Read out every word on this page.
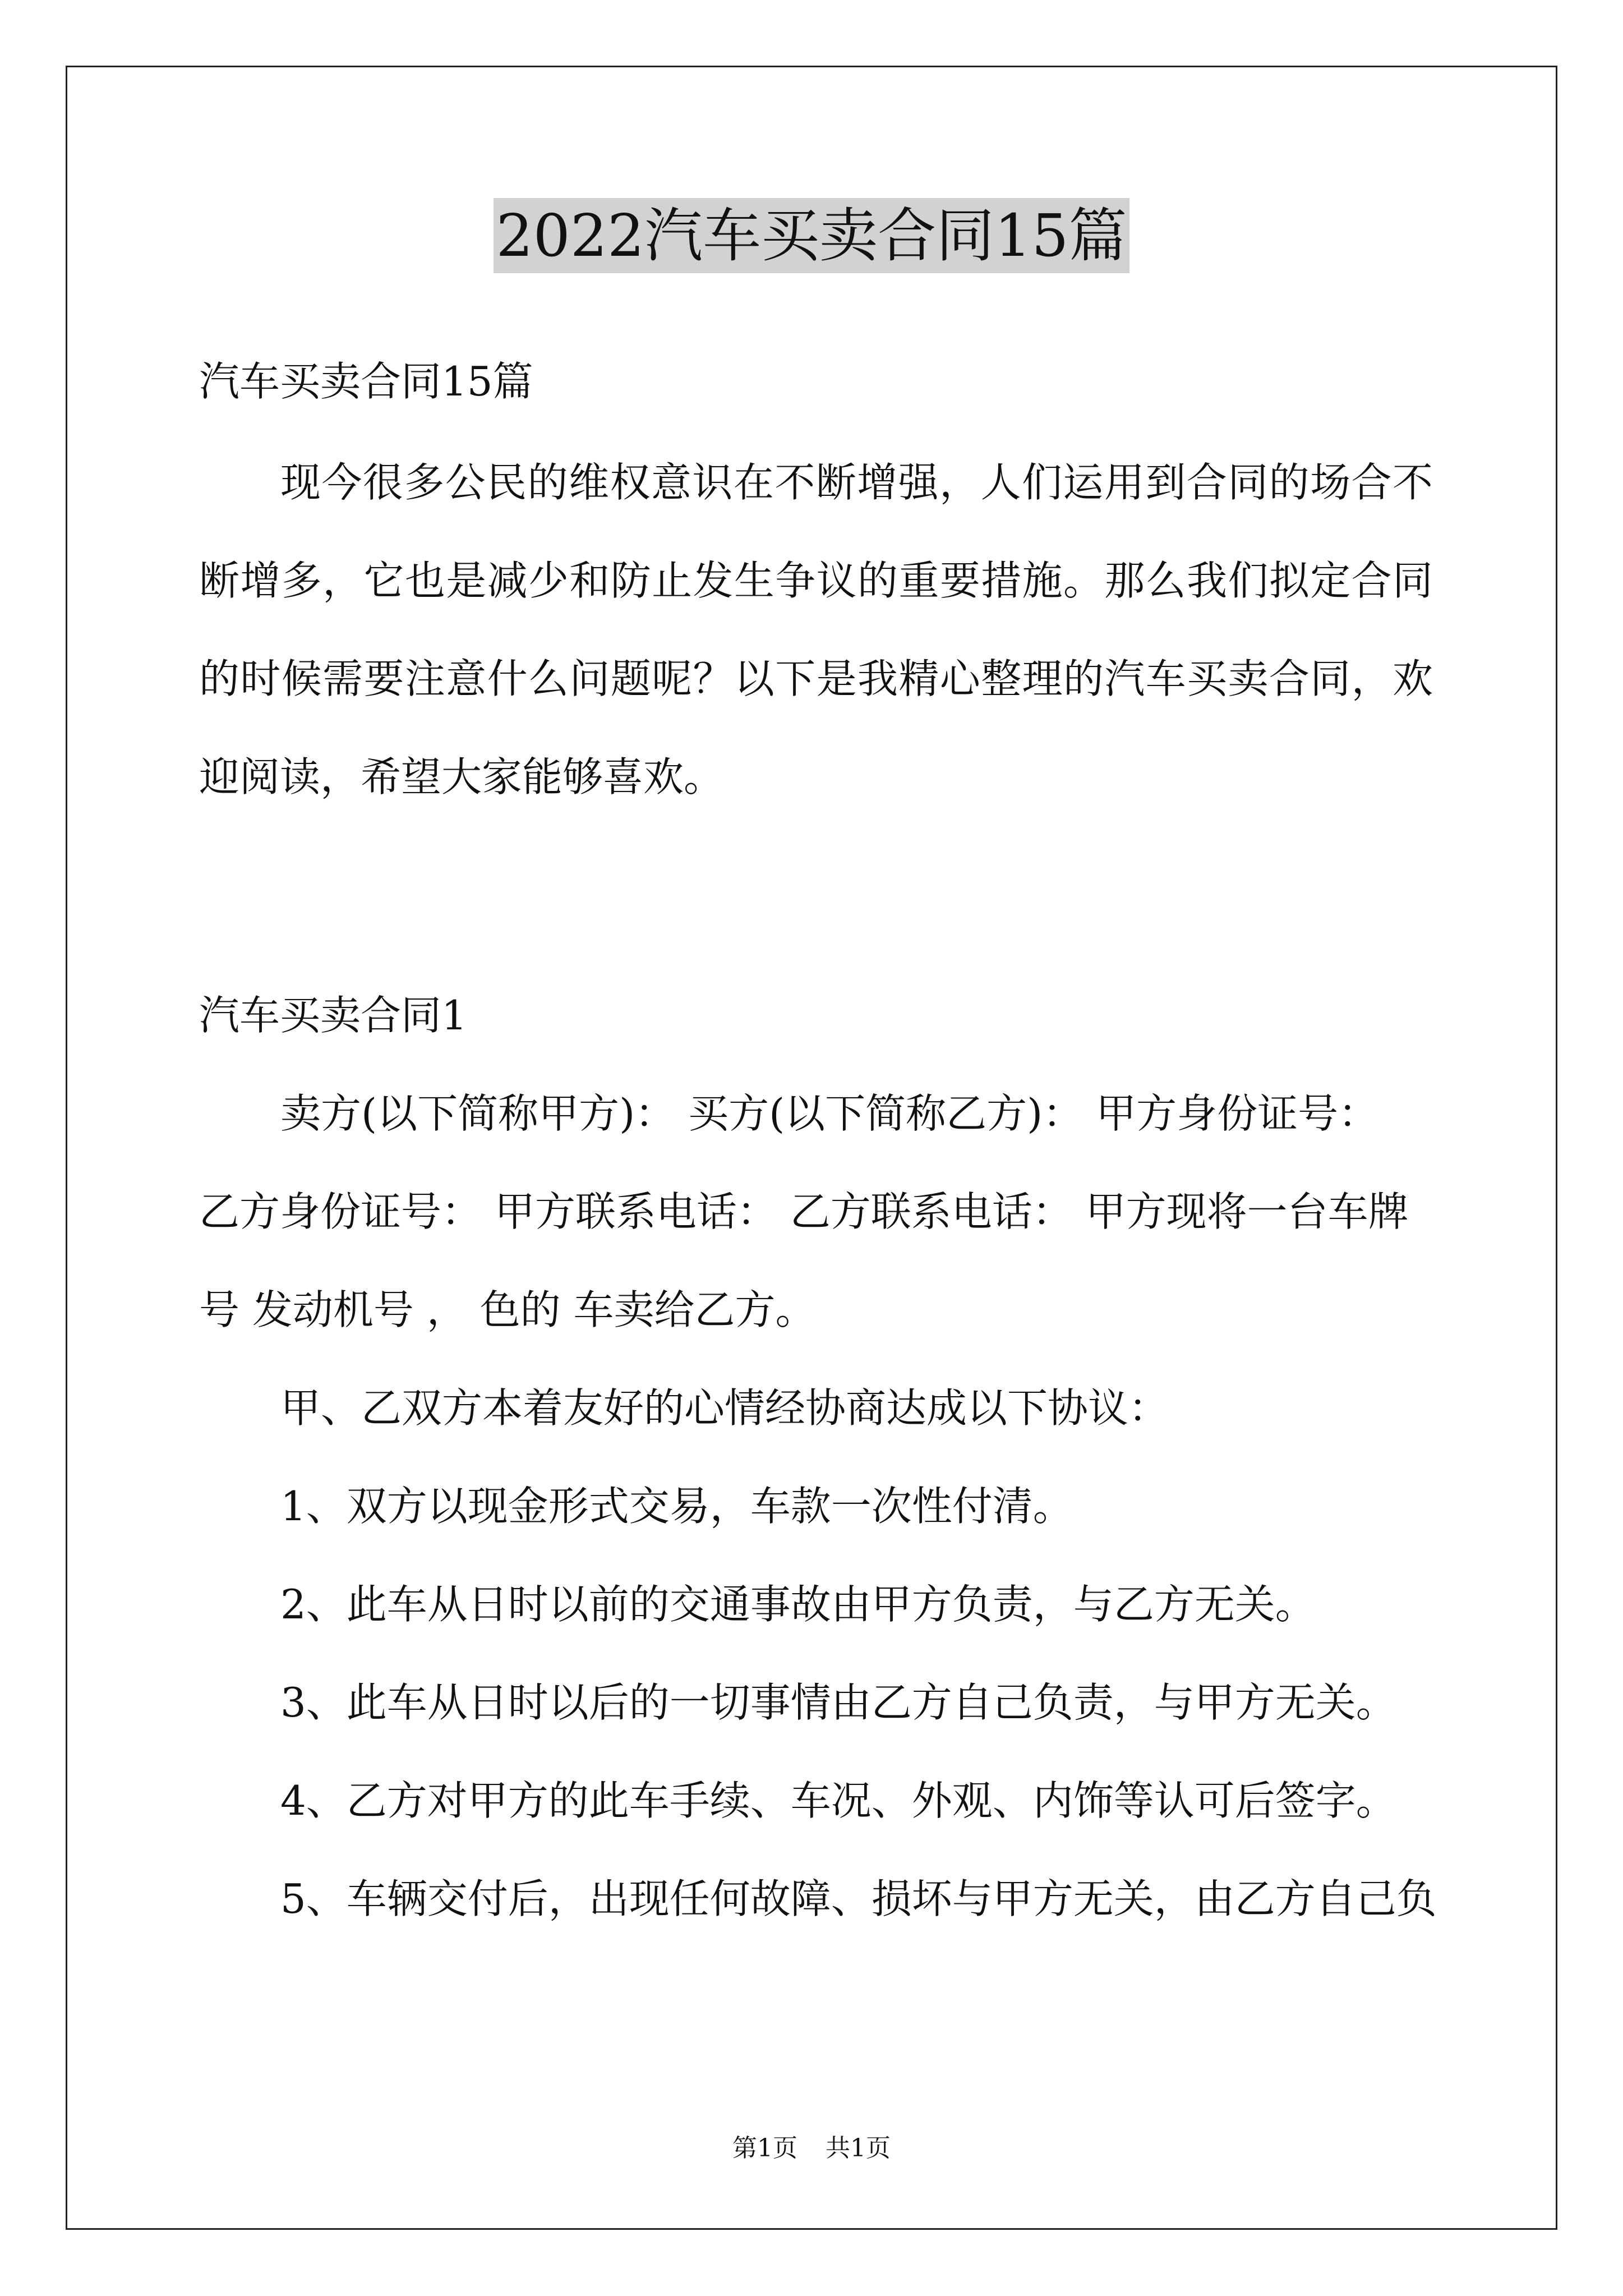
2022汽车买卖合同15篇

汽车买卖合同15篇

现今很多公民的维权意识在不断增强，人们运用到合同的场合不

断增多，它也是减少和防止发生争议的重要措施。那么我们拟定合同

的时候需要注意什么问题呢？以下是我精心整理的汽车买卖合同，欢

迎阅读，希望大家能够喜欢。

汽车买卖合同1

卖方(以下简称甲方)： 买方(以下简称乙方)： 甲方身份证号：

乙方身份证号： 甲方联系电话： 乙方联系电话： 甲方现将一台车牌

号 发动机号 ， 色的 车卖给乙方。

甲、乙双方本着友好的心情经协商达成以下协议：

1、双方以现金形式交易，车款一次性付清。

2、此车从日时以前的交通事故由甲方负责，与乙方无关。

3、此车从日时以后的一切事情由乙方自己负责，与甲方无关。

4、乙方对甲方的此车手续、车况、外观、内饰等认可后签字。

5、车辆交付后，出现任何故障、损坏与甲方无关，由乙方自己负

第1页 共1页
